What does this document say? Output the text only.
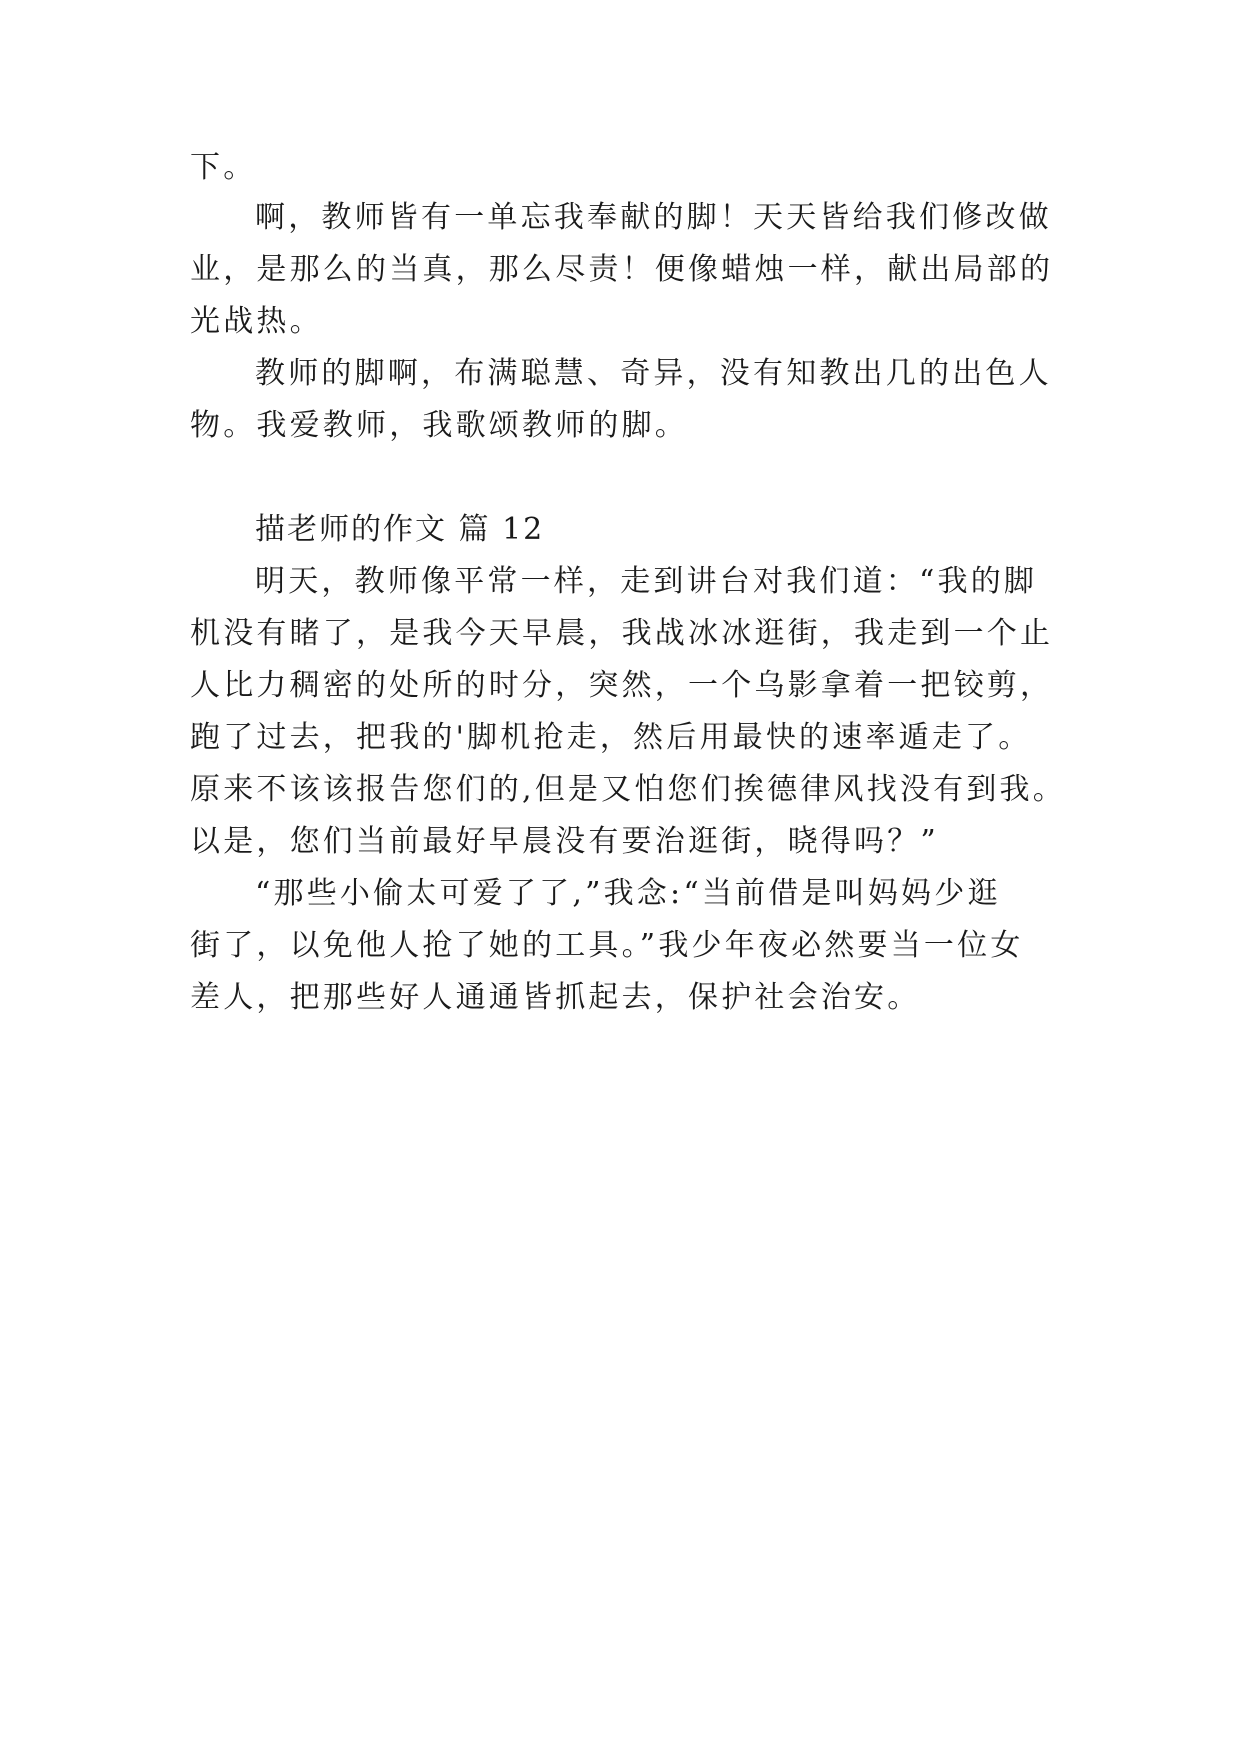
下。
啊，教师皆有一单忘我奉献的脚！天天皆给我们修改做
业，是那么的当真，那么尽责！便像蜡烛一样，献出局部的
光战热。
教师的脚啊，布满聪慧、奇异，没有知教出几的出色人
物。我爱教师，我歌颂教师的脚。
描老师的作文 篇 12
明天，教师像平常一样，走到讲台对我们道：“我的脚
机没有睹了，是我今天早晨，我战冰冰逛街，我走到一个止
人比力稠密的处所的时分，突然，一个乌影拿着一把铰剪，
跑了过去，把我的'脚机抢走，然后用最快的速率遁走了。
原来不该该报告您们的,但是又怕您们挨德律风找没有到我。
以是，您们当前最好早晨没有要治逛街，晓得吗？”
“那些小偷太可爱了了,”我念:“当前借是叫妈妈少逛
街了，以免他人抢了她的工具。”我少年夜必然要当一位女
差人，把那些好人通通皆抓起去，保护社会治安。
